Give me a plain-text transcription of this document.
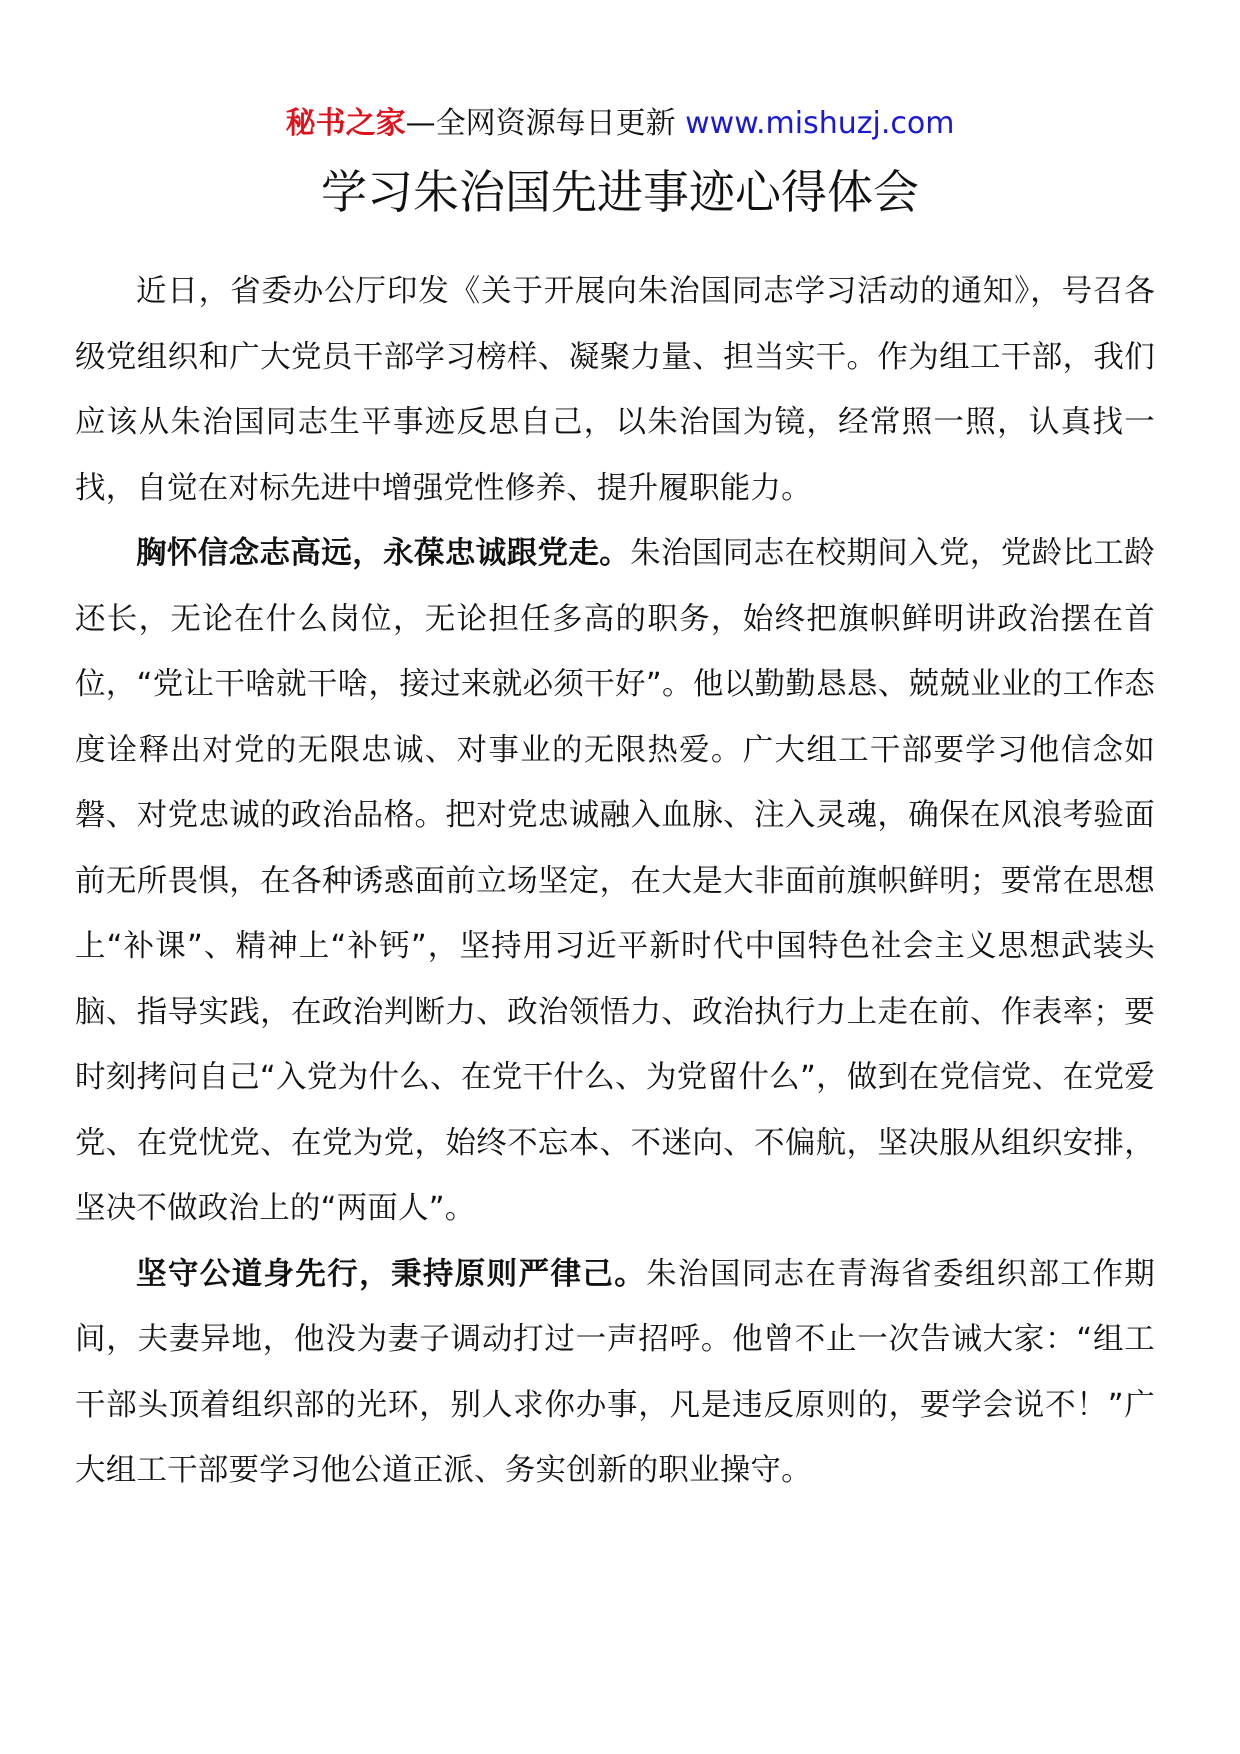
秘书之家—全网资源每日更新 www.mishuzj.com
学习朱治国先进事迹心得体会

近日，省委办公厅印发《关于开展向朱治国同志学习活动的通知》，号召各级党组织和广大党员干部学习榜样、凝聚力量、担当实干。作为组工干部，我们应该从朱治国同志生平事迹反思自己，以朱治国为镜，经常照一照，认真找一找，自觉在对标先进中增强党性修养、提升履职能力。

胸怀信念志高远，永葆忠诚跟党走。朱治国同志在校期间入党，党龄比工龄还长，无论在什么岗位，无论担任多高的职务，始终把旗帜鲜明讲政治摆在首位，“党让干啥就干啥，接过来就必须干好”。他以勤勤恳恳、兢兢业业的工作态度诠释出对党的无限忠诚、对事业的无限热爱。广大组工干部要学习他信念如磐、对党忠诚的政治品格。把对党忠诚融入血脉、注入灵魂，确保在风浪考验面前无所畏惧，在各种诱惑面前立场坚定，在大是大非面前旗帜鲜明；要常在思想上“补课”、精神上“补钙”，坚持用习近平新时代中国特色社会主义思想武装头脑、指导实践，在政治判断力、政治领悟力、政治执行力上走在前、作表率；要时刻拷问自己“入党为什么、在党干什么、为党留什么”，做到在党信党、在党爱党、在党忧党、在党为党，始终不忘本、不迷向、不偏航，坚决服从组织安排，坚决不做政治上的“两面人”。

坚守公道身先行，秉持原则严律己。朱治国同志在青海省委组织部工作期间，夫妻异地，他没为妻子调动打过一声招呼。他曾不止一次告诫大家：“组工干部头顶着组织部的光环，别人求你办事，凡是违反原则的，要学会说不！”广大组工干部要学习他公道正派、务实创新的职业操守。
